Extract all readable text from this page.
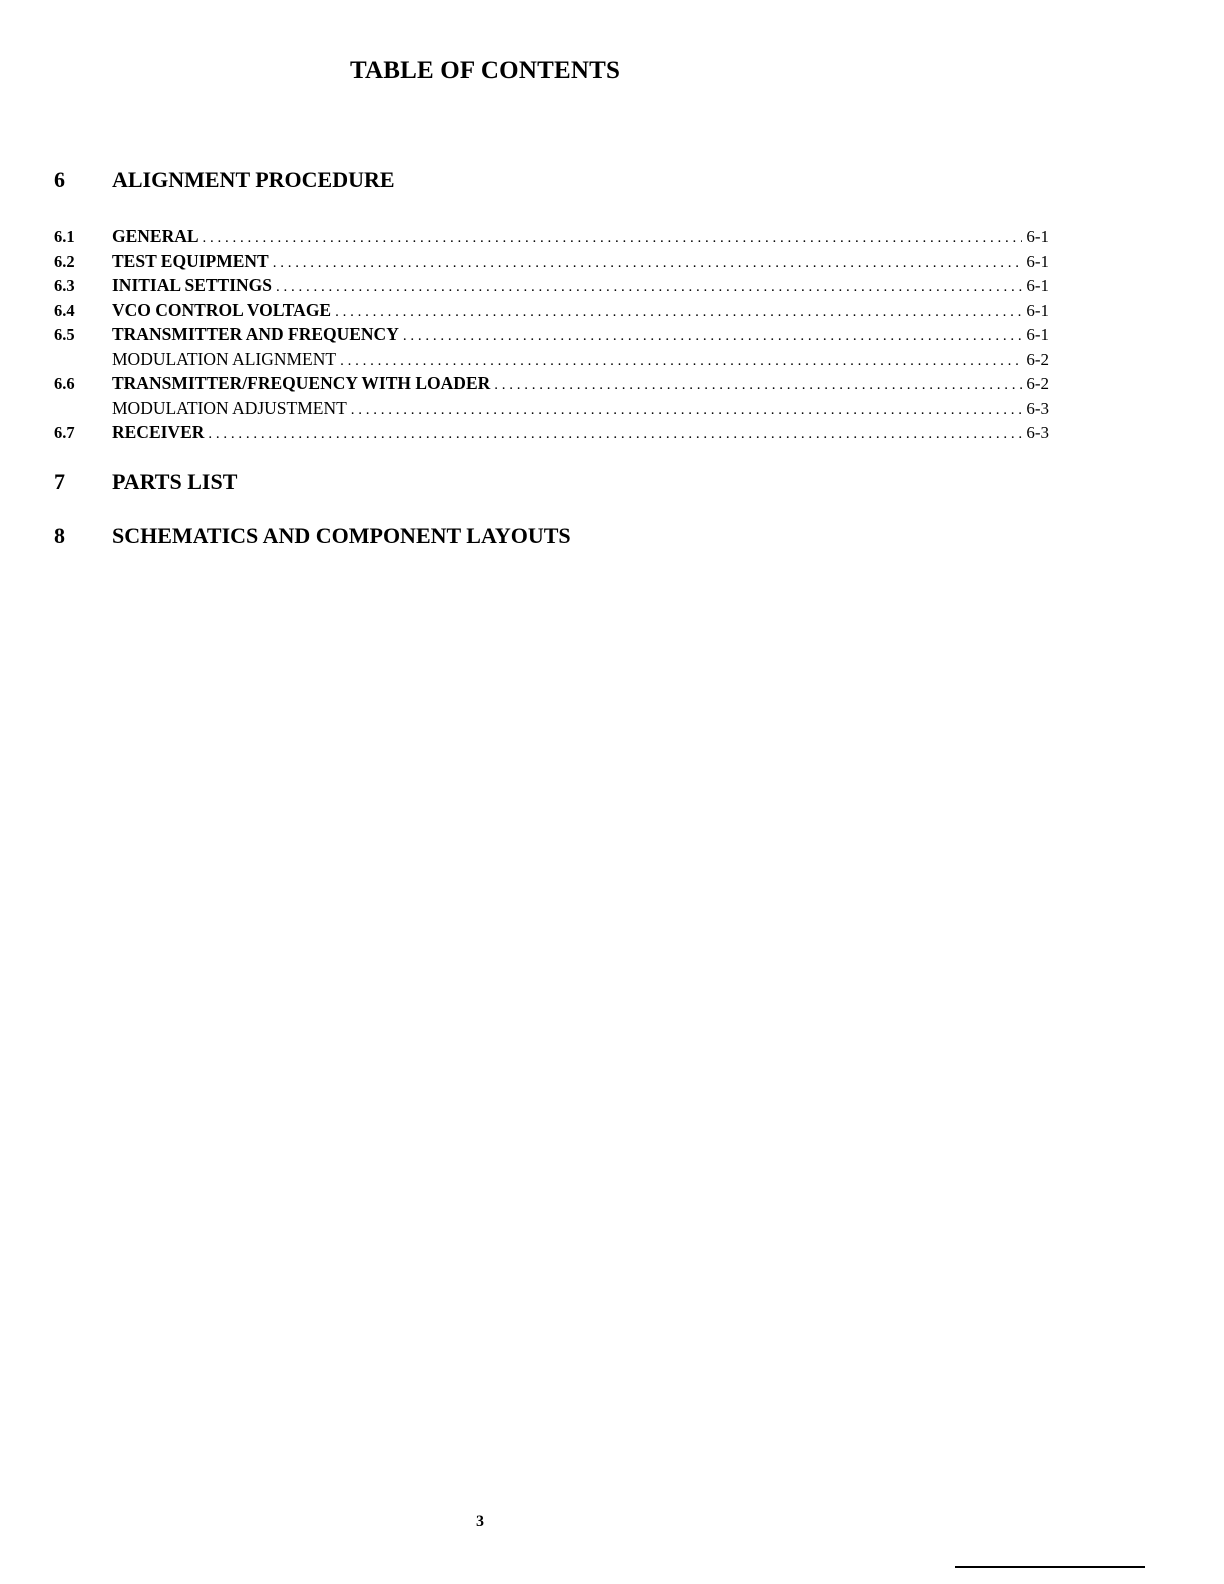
TABLE OF CONTENTS
6	ALIGNMENT PROCEDURE
6.1	GENERAL . . .	6-1
6.2	TEST EQUIPMENT . . .	6-1
6.3	INITIAL SETTINGS . . .	6-1
6.4	VCO CONTROL VOLTAGE . . .	6-1
6.5	TRANSMITTER AND FREQUENCY . . .	6-1
MODULATION ALIGNMENT . . .	6-2
6.6	TRANSMITTER/FREQUENCY WITH LOADER . . .	6-2
MODULATION ADJUSTMENT . . .	6-3
6.7	RECEIVER . . .	6-3
7	PARTS LIST
8	SCHEMATICS AND COMPONENT LAYOUTS
3
